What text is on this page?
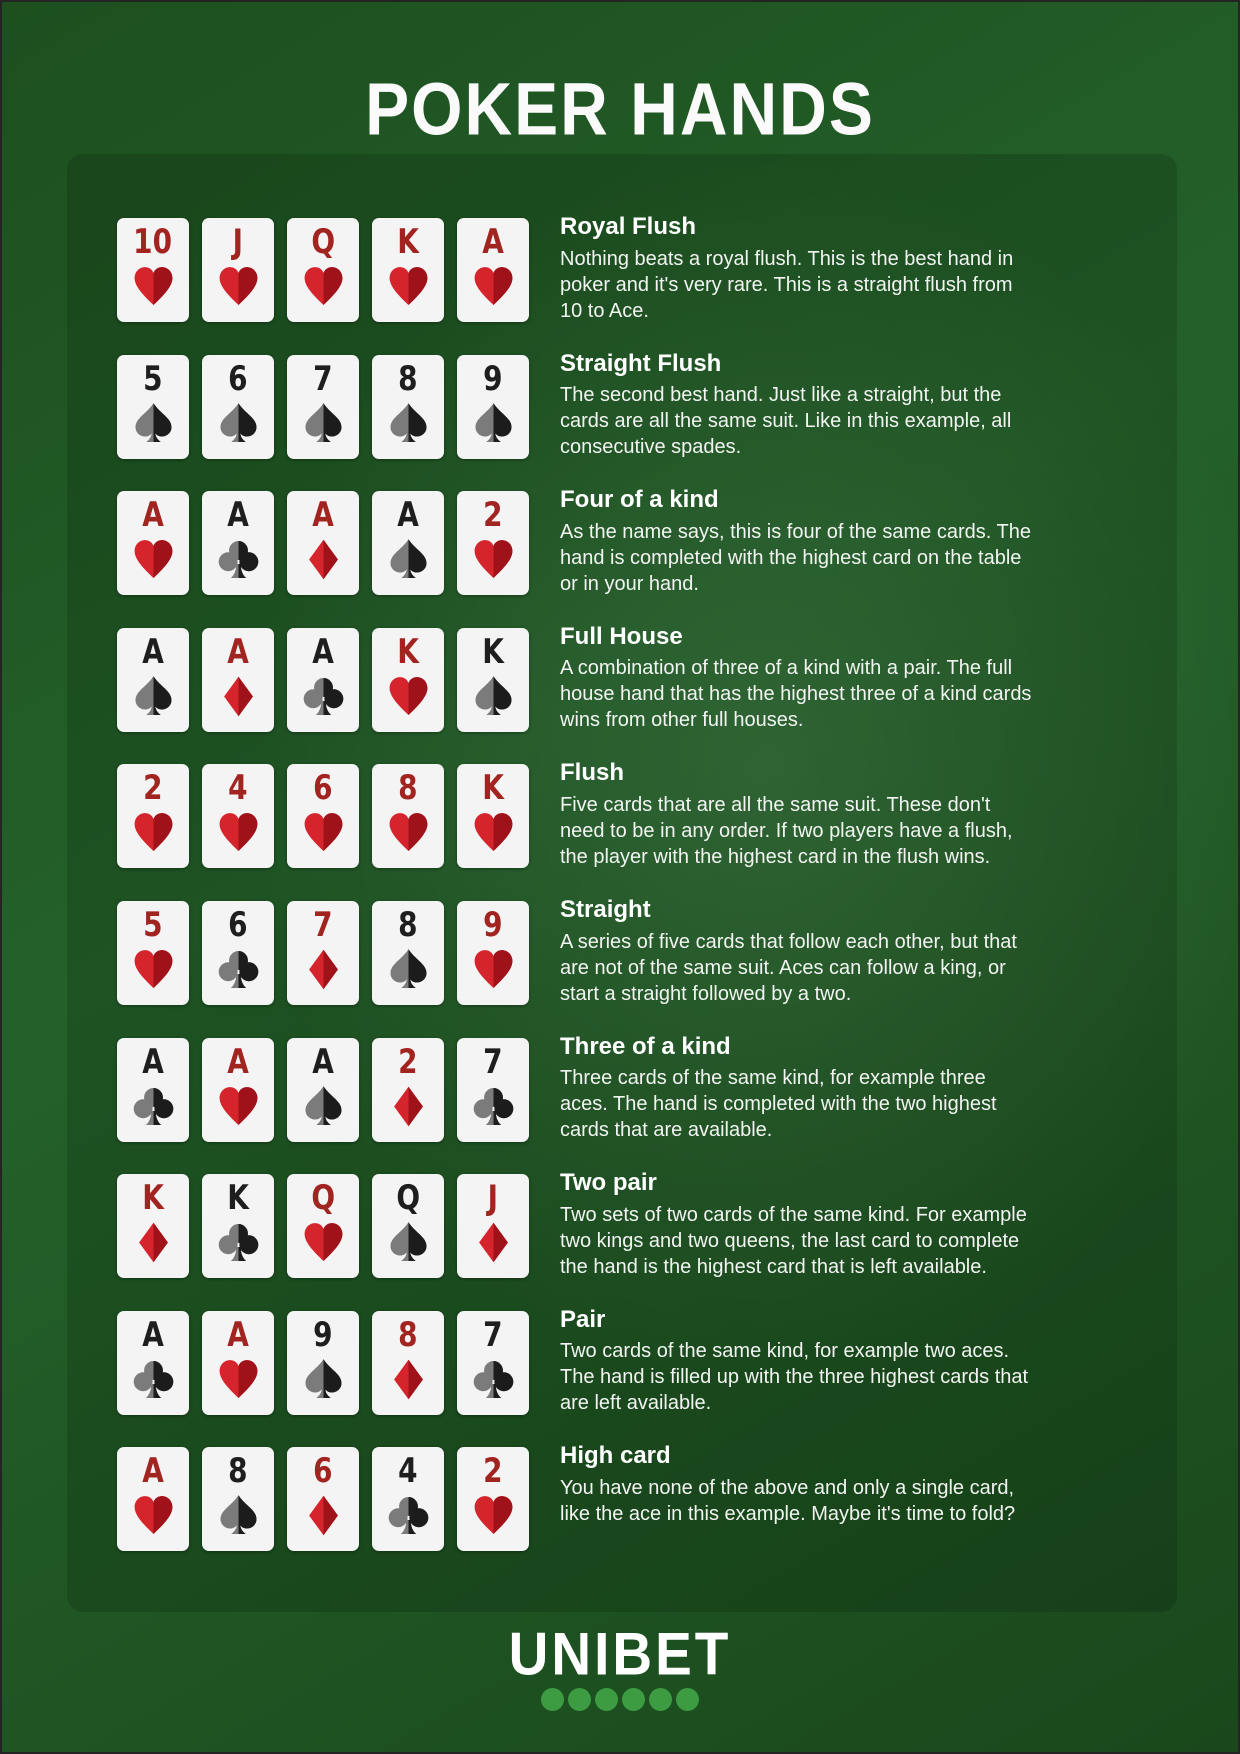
POKER HANDS
10 J Q K A Royal Flush

Nothing beats a royal flush. This is the best hand in poker and it's very rare. This is a straight flush from 10 to Ace.

5 6 7 8 9 Straight Flush

The second best hand. Just like a straight, but the cards are all the same suit. Like in this example, all consecutive spades.

A A A A 2 Four of a kind

As the name says, this is four of the same cards. The hand is completed with the highest card on the table or in your hand.

A A A K K Full House

A combination of three of a kind with a pair. The full house hand that has the highest three of a kind cards wins from other full houses.

2 4 6 8 K Flush

Five cards that are all the same suit. These don't need to be in any order. If two players have a flush, the player with the highest card in the flush wins.

5 6 7 8 9 Straight

A series of five cards that follow each other, but that are not of the same suit. Aces can follow a king, or start a straight followed by a two.

A A A 2 7 Three of a kind

Three cards of the same kind, for example three aces. The hand is completed with the two highest cards that are available.

K K Q Q J	Two pair

Two sets of two cards of the same kind. For example two kings and two queens, the last card to complete the hand is the highest card that is left available.

A A 9 8 7 Pair

Two cards of the same kind, for example two aces. The hand is filled up with the three highest cards that are left available.

A 8 6 4 2 High card

You have none of the above and only a single card, like the ace in this example. Maybe it's time to fold?

UNIBET
